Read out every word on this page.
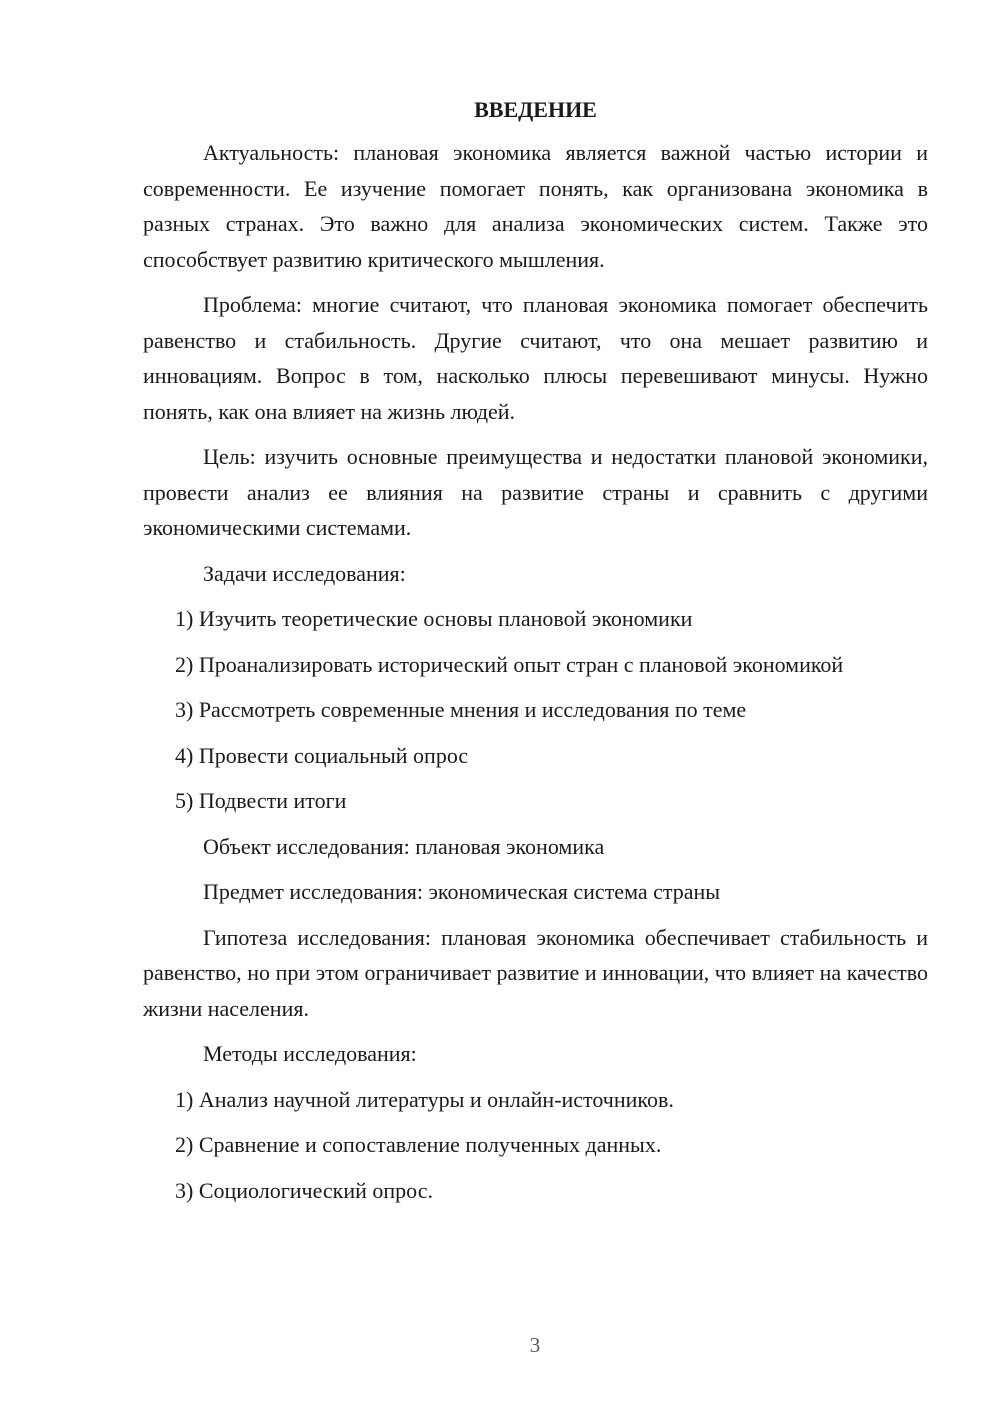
ВВЕДЕНИЕ

Актуальность: плановая экономика является важной частью истории и современности. Ее изучение помогает понять, как организована экономика в разных странах. Это важно для анализа экономических систем. Также это способствует развитию критического мышления.

Проблема: многие считают, что плановая экономика помогает обеспечить равенство и стабильность. Другие считают, что она мешает развитию и инновациям. Вопрос в том, насколько плюсы перевешивают минусы. Нужно понять, как она влияет на жизнь людей.

Цель: изучить основные преимущества и недостатки плановой экономики, провести анализ ее влияния на развитие страны и сравнить с другими экономическими системами.

Задачи исследования:

1) Изучить теоретические основы плановой экономики

2) Проанализировать исторический опыт стран с плановой экономикой

3) Рассмотреть современные мнения и исследования по теме

4) Провести социальный опрос

5) Подвести итоги

Объект исследования: плановая экономика

Предмет исследования: экономическая система страны

Гипотеза исследования: плановая экономика обеспечивает стабильность и равенство, но при этом ограничивает развитие и инновации, что влияет на качество жизни населения.

Методы исследования:

1) Анализ научной литературы и онлайн-источников.

2) Сравнение и сопоставление полученных данных.

3) Социологический опрос.

3
